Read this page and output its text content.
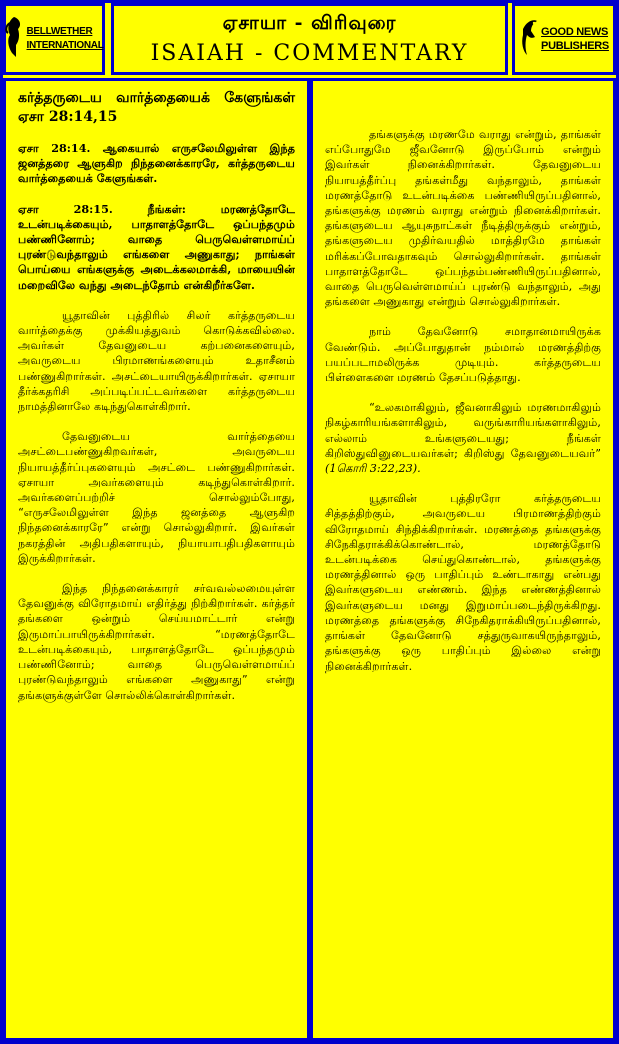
BELLWETHER
INTERNATIONAL
ஏசாயா - விரிவுரை
ISAIAH - COMMENTARY
GOOD NEWS
PUBLISHERS

கர்த்தருடைய வார்த்தையைக் கேளுங்கள் ஏசா 28:14,15

ஏசா 28:14. ஆகையால் எருசலேமிலுள்ள இந்த ஜனத்தரை ஆளுகிற நிந்தனைக்காரரே, கர்த்தருடைய வார்த்தையைக் கேளுங்கள்.

ஏசா 28:15. நீங்கள்: மரணத்தோடே உடன்படிக்கையும், பாதாளத்தோடே ஒப்பந்தமும் பண்ணினோம்; வாதை பெருவெள்ளமாய்ப் புரண்டுவந்தாலும் எங்களை அணுகாது; நாங்கள் பொய்யை எங்களுக்கு அடைக்கலமாக்கி, மாயையின் மறைவிலே வந்து அடைந்தோம் என்கிறீர்களே.

யூதாவின் புத்திரில் சிலர் கர்த்தருடைய வார்த்தைக்கு முக்கியத்துவம் கொடுக்கவில்லை. அவர்கள் தேவனுடைய கற்பனைகளையும், அவருடைய பிரமாணங்களையும் உதாசீனம் பண்ணுகிறார்கள். அசட்டையாயிருக்கிறார்கள். ஏசாயா தீர்க்கதரிசி அப்படிப்பட்டவர்களை கர்த்தருடைய நாமத்தினாலே கடிந்துகொள்கிறார்.

தேவனுடைய வார்த்தையை அசட்டைபண்ணுகிறவர்கள், அவருடைய நியாயத்தீர்ப்புகளையும் அசட்டை பண்ணுகிறார்கள். ஏசாயா அவர்களையும் கடிந்துகொள்கிறார். அவர்களைப்பற்றிச் சொல்லும்போது, “எருசலேமிலுள்ள இந்த ஜனத்தை ஆளுகிற நிந்தனைக்காரரே” என்று சொல்லுகிறார். இவர்கள் நகரத்தின் அதிபதிகளாயும், நியாயாபதிபதிகளாயும் இருக்கிறார்கள்.

இந்த நிந்தனைக்காரர் சர்வவல்லமையுள்ள தேவனுக்கு விரோதமாய் எதிர்த்து நிற்கிறார்கள். கர்த்தர் தங்களை ஒன்றும் செய்யமாட்டார் என்று இருமாப்பாயிருக்கிறார்கள். “மரணத்தோடே உடன்படிக்கையும், பாதாளத்தோடே ஒப்பந்தமும் பண்ணினோம்; வாதை பெருவெள்ளமாய்ப் புரண்டுவந்தாலும் எங்களை அணுகாது” என்று தங்களுக்குள்ளே சொல்லிக்கொள்கிறார்கள்.

தங்களுக்கு மரணமே வராது என்றும், தாங்கள் எப்போதுமே ஜீவனோடு இருப்போம் என்றும் இவர்கள் நினைக்கிறார்கள். தேவனுடைய நியாயத்தீர்ப்பு தங்கள்மீது வந்தாலும், தாங்கள் மரணத்தோடு உடன்படிக்கை பண்ணியிருப்பதினால், தங்களுக்கு மரணம் வராது என்றும் நினைக்கிறார்கள். தங்களுடைய ஆயுசுநாட்கள் நீடித்திருக்கும் என்றும், தங்களுடைய முதிர்வயதில் மாத்திரமே தாங்கள் மரிக்கப்போவதாகவும் சொல்லுகிறார்கள். தாங்கள் பாதாளத்தோடே ஒப்பந்தம்பண்ணியிருப்பதினால், வாதை பெருவெள்ளமாய்ப் புரண்டு வந்தாலும், அது தங்களை அணுகாது என்றும் சொல்லுகிறார்கள்.

நாம் தேவனோடு சமாதானமாயிருக்க வேண்டும். அப்போதுதான் நம்மால் மரணத்திற்கு பயப்படாமலிருக்க முடியும். கர்த்தருடைய பிள்ளைகளை மரணம் தேசப்படுத்தாது.

“உலகமாகிலும், ஜீவனாகிலும் மரணமாகிலும் நிகழ்காரியங்களாகிலும், வருங்காரியங்களாகிலும், எல்லாம் உங்களுடையது; நீங்கள் கிறிஸ்துவினுடையவர்கள்; கிறிஸ்து தேவனுடையவர்” (1கொரி 3:22,23).

யூதாவின் புத்திரரோ கர்த்தருடைய சித்தத்திற்கும், அவருடைய பிரமாணத்திற்கும் விரோதமாய் சிந்திக்கிறார்கள். மரணத்தை தங்களுக்கு சிநேகிதராக்கிக்கொண்டால், மரணத்தோடு உடன்படிக்கை செய்துகொண்டால், தங்களுக்கு மரணத்தினால் ஒரு பாதிப்பும் உண்டாகாது என்பது இவர்களுடைய எண்ணம். இந்த எண்ணத்தினால் இவர்களுடைய மனது இறுமாப்படைந்திருக்கிறது. மரணத்தை தங்களுக்கு சிநேகிதராக்கியிருப்பதினால், தாங்கள் தேவனோடு சத்துருவாகயிருந்தாலும், தங்களுக்கு ஒரு பாதிப்பும் இல்லை என்று நினைக்கிறார்கள்.
